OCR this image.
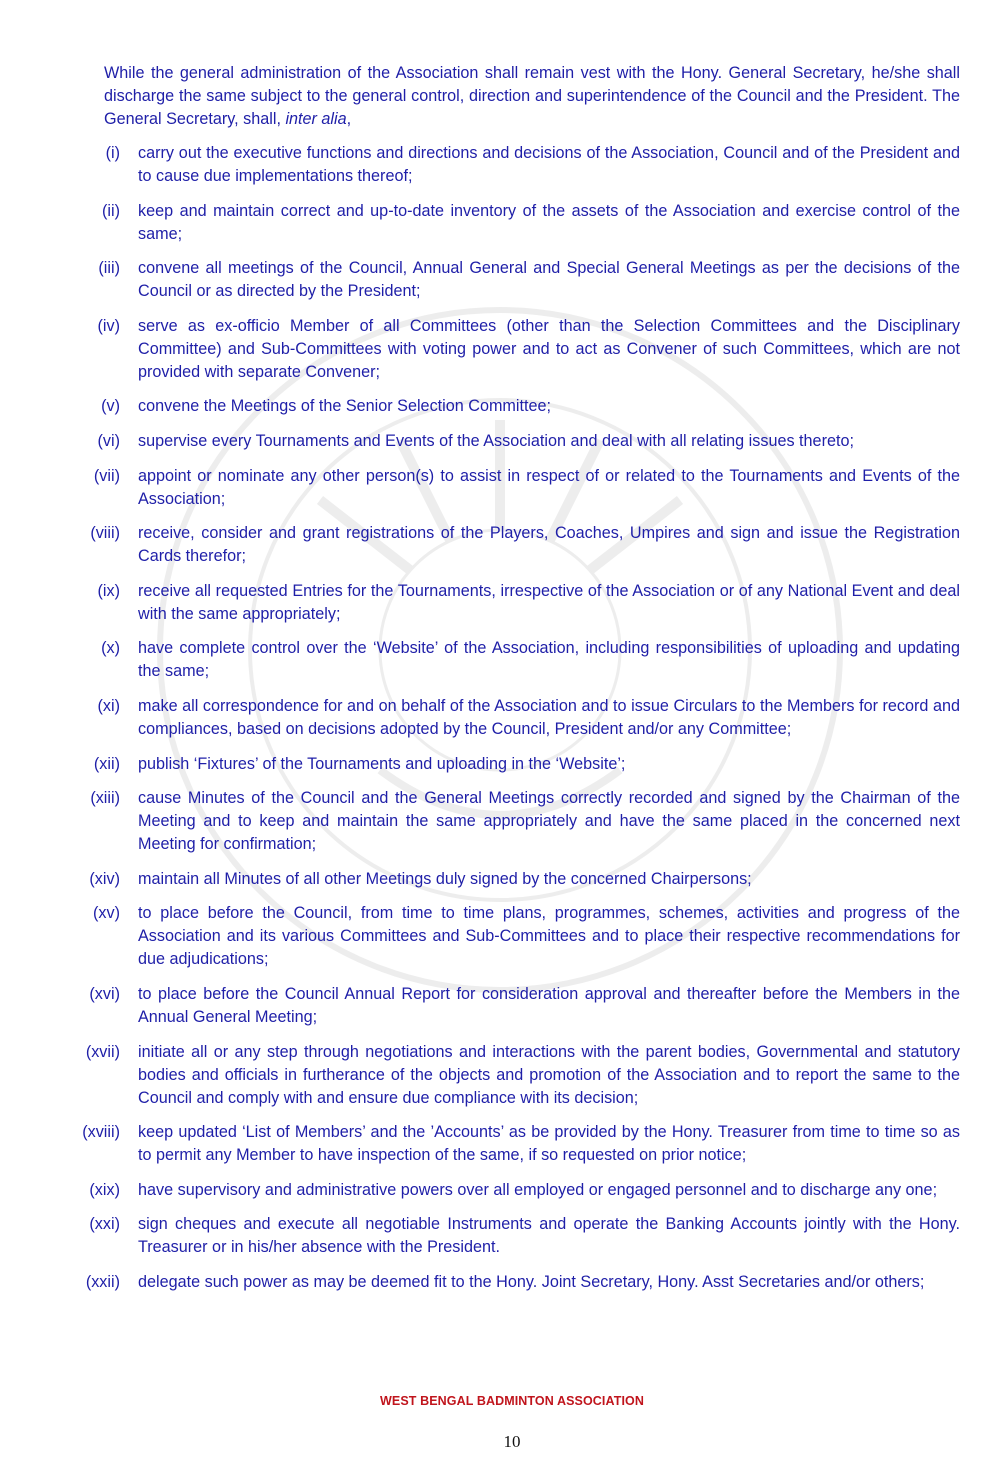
While the general administration of the Association shall remain vest with the Hony. General Secretary, he/she shall discharge the same subject to the general control, direction and superintendence of the Council and the President. The General Secretary, shall, inter alia,

(i) carry out the executive functions and directions and decisions of the Association, Council and of the President and to cause due implementations thereof;
(ii) keep and maintain correct and up-to-date inventory of the assets of the Association and exercise control of the same;
(iii) convene all meetings of the Council, Annual General and Special General Meetings as per the decisions of the Council or as directed by the President;
(iv) serve as ex-officio Member of all Committees (other than the Selection Committees and the Disciplinary Committee) and Sub-Committees with voting power and to act as Convener of such Committees, which are not provided with separate Convener;
(v) convene the Meetings of the Senior Selection Committee;
(vi) supervise every Tournaments and Events of the Association and deal with all relating issues thereto;
(vii) appoint or nominate any other person(s) to assist in respect of or related to the Tournaments and Events of the Association;
(viii) receive, consider and grant registrations of the Players, Coaches, Umpires and sign and issue the Registration Cards therefor;
(ix) receive all requested Entries for the Tournaments, irrespective of the Association or of any National Event and deal with the same appropriately;
(x) have complete control over the ‘Website’ of the Association, including responsibilities of uploading and updating the same;
(xi) make all correspondence for and on behalf of the Association and to issue Circulars to the Members for record and compliances, based on decisions adopted by the Council, President and/or any Committee;
(xii) publish ‘Fixtures’ of the Tournaments and uploading in the ‘Website’;
(xiii) cause Minutes of the Council and the General Meetings correctly recorded and signed by the Chairman of the Meeting and to keep and maintain the same appropriately and have the same placed in the concerned next Meeting for confirmation;
(xiv) maintain all Minutes of all other Meetings duly signed by the concerned Chairpersons;
(xv) to place before the Council, from time to time plans, programmes, schemes, activities and progress of the Association and its various Committees and Sub-Committees and to place their respective recommendations for due adjudications;
(xvi) to place before the Council Annual Report for consideration approval and thereafter before the Members in the Annual General Meeting;
(xvii) initiate all or any step through negotiations and interactions with the parent bodies, Governmental and statutory bodies and officials in furtherance of the objects and promotion of the Association and to report the same to the Council and comply with and ensure due compliance with its decision;
(xviii) keep updated ‘List of Members’ and the ’Accounts’ as be provided by the Hony. Treasurer from time to time so as to permit any Member to have inspection of the same, if so requested on prior notice;
(xix) have supervisory and administrative powers over all employed or engaged personnel and to discharge any one;
(xxi) sign cheques and execute all negotiable Instruments and operate the Banking Accounts jointly with the Hony. Treasurer or in his/her absence with the President.
(xxii) delegate such power as may be deemed fit to the Hony. Joint Secretary, Hony. Asst Secretaries and/or others;
WEST BENGAL BADMINTON ASSOCIATION
10
